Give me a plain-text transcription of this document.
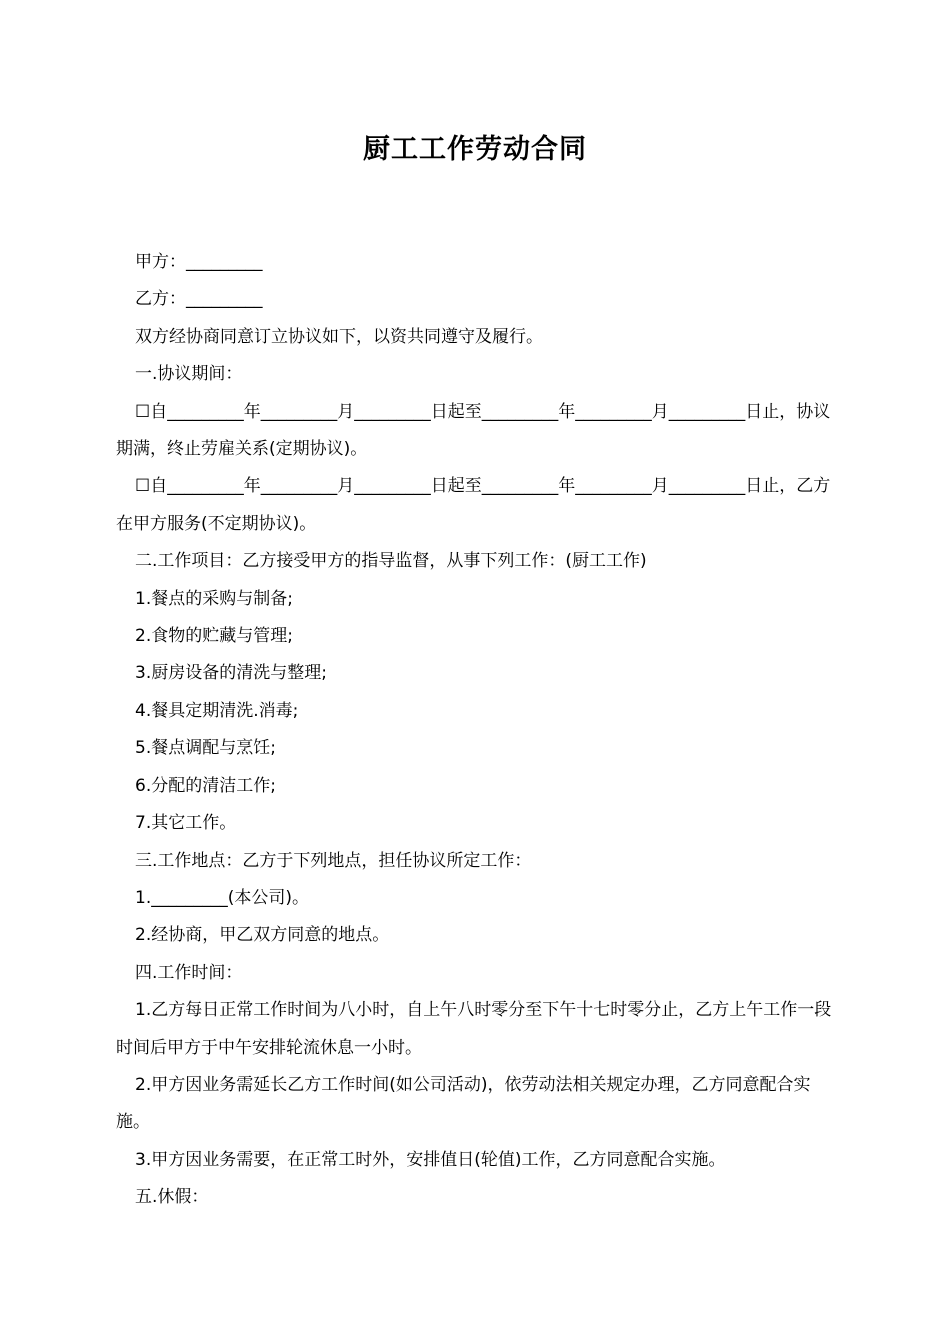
厨工工作劳动合同

甲方：_________

乙方：_________

双方经协商同意订立协议如下，以资共同遵守及履行。

一.协议期间：

☐自_________年_________月_________日起至_________年_________月_________日止，协议期满，终止劳雇关系(定期协议)。

☐自_________年_________月_________日起至_________年_________月_________日止，乙方在甲方服务(不定期协议)。

二.工作项目：乙方接受甲方的指导监督，从事下列工作：(厨工工作)

1.餐点的采购与制备;

2.食物的贮藏与管理;

3.厨房设备的清洗与整理;

4.餐具定期清洗.消毒;

5.餐点调配与烹饪;

6.分配的清洁工作;

7.其它工作。

三.工作地点：乙方于下列地点，担任协议所定工作：

1._________(本公司)。

2.经协商，甲乙双方同意的地点。

四.工作时间：

1.乙方每日正常工作时间为八小时，自上午八时零分至下午十七时零分止，乙方上午工作一段时间后甲方于中午安排轮流休息一小时。

2.甲方因业务需延长乙方工作时间(如公司活动)，依劳动法相关规定办理，乙方同意配合实施。

3.甲方因业务需要，在正常工时外，安排值日(轮值)工作，乙方同意配合实施。

五.休假：
